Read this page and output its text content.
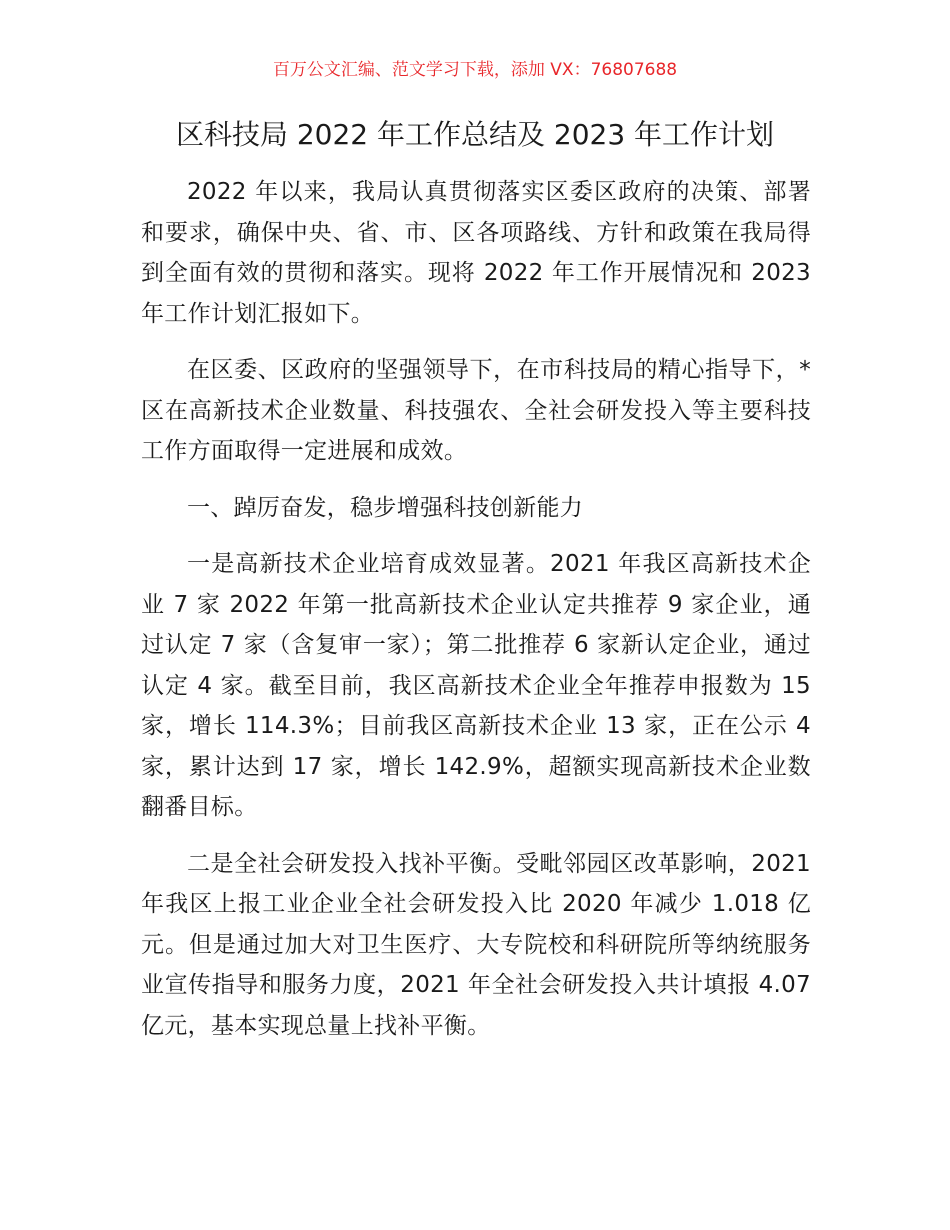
百万公文汇编、范文学习下载，添加 VX：76807688
区科技局 2022 年工作总结及 2023 年工作计划

2022 年以来，我局认真贯彻落实区委区政府的决策、部署和要求，确保中央、省、市、区各项路线、方针和政策在我局得到全面有效的贯彻和落实。现将 2022 年工作开展情况和 2023 年工作计划汇报如下。

在区委、区政府的坚强领导下，在市科技局的精心指导下，*区在高新技术企业数量、科技强农、全社会研发投入等主要科技工作方面取得一定进展和成效。

一、踔厉奋发，稳步增强科技创新能力

一是高新技术企业培育成效显著。2021 年我区高新技术企业 7 家 2022 年第一批高新技术企业认定共推荐 9 家企业，通过认定 7 家（含复审一家）；第二批推荐 6 家新认定企业，通过认定 4 家。截至目前，我区高新技术企业全年推荐申报数为 15 家，增长 114.3%；目前我区高新技术企业 13 家，正在公示 4 家，累计达到 17 家，增长 142.9%，超额实现高新技术企业数翻番目标。

二是全社会研发投入找补平衡。受毗邻园区改革影响，2021 年我区上报工业企业全社会研发投入比 2020 年减少 1.018 亿元。但是通过加大对卫生医疗、大专院校和科研院所等纳统服务业宣传指导和服务力度，2021 年全社会研发投入共计填报 4.07 亿元，基本实现总量上找补平衡。
